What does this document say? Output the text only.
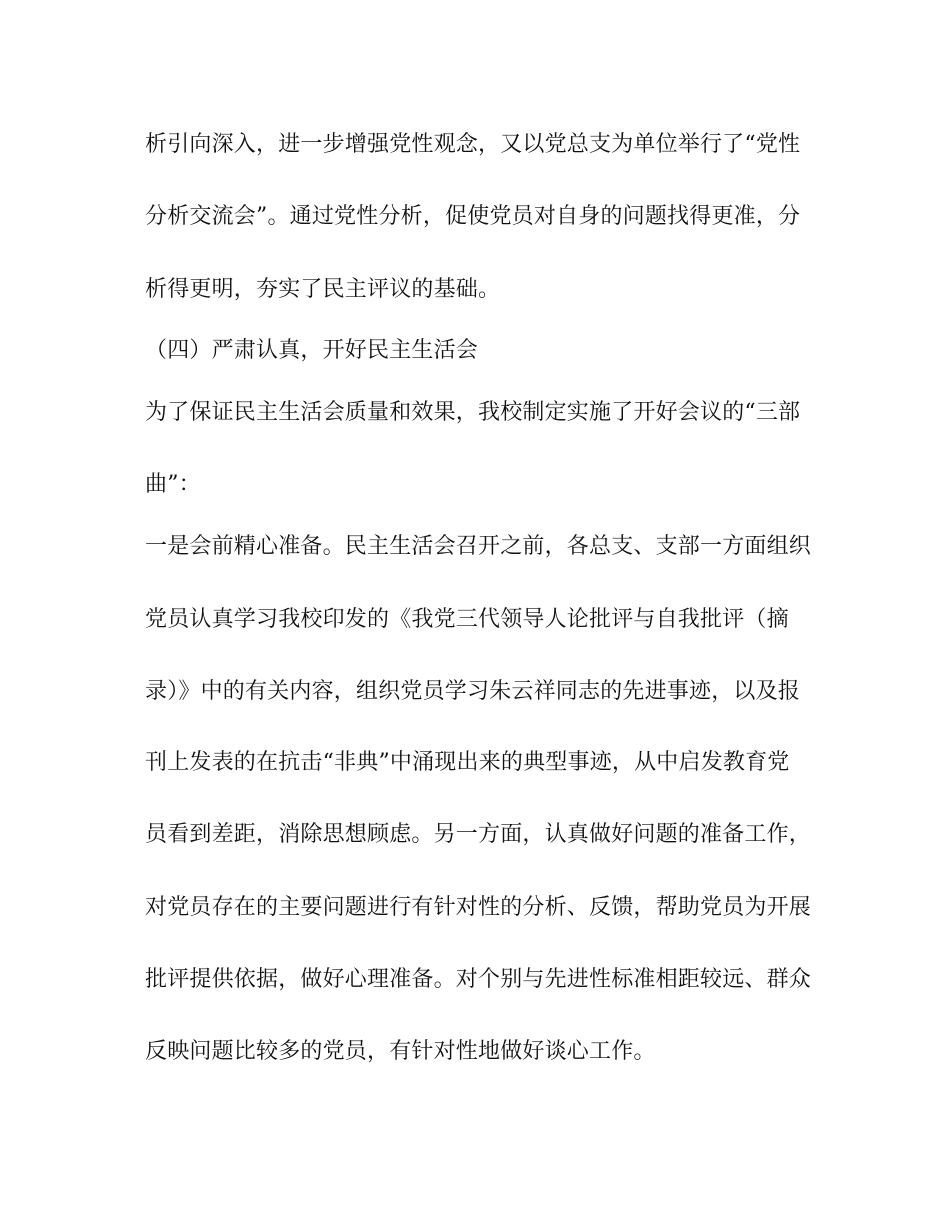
析引向深入，进一步增强党性观念，又以党总支为单位举行了“党性
分析交流会”。通过党性分析，促使党员对自身的问题找得更准，分
析得更明，夯实了民主评议的基础。
（四）严肃认真，开好民主生活会
为了保证民主生活会质量和效果，我校制定实施了开好会议的“三部
曲”：
一是会前精心准备。民主生活会召开之前，各总支、支部一方面组织
党员认真学习我校印发的《我党三代领导人论批评与自我批评（摘
录）》中的有关内容，组织党员学习朱云祥同志的先进事迹，以及报
刊上发表的在抗击“非典”中涌现出来的典型事迹，从中启发教育党
员看到差距，消除思想顾虑。另一方面，认真做好问题的准备工作，
对党员存在的主要问题进行有针对性的分析、反馈，帮助党员为开展
批评提供依据，做好心理准备。对个别与先进性标准相距较远、群众
反映问题比较多的党员，有针对性地做好谈心工作。
